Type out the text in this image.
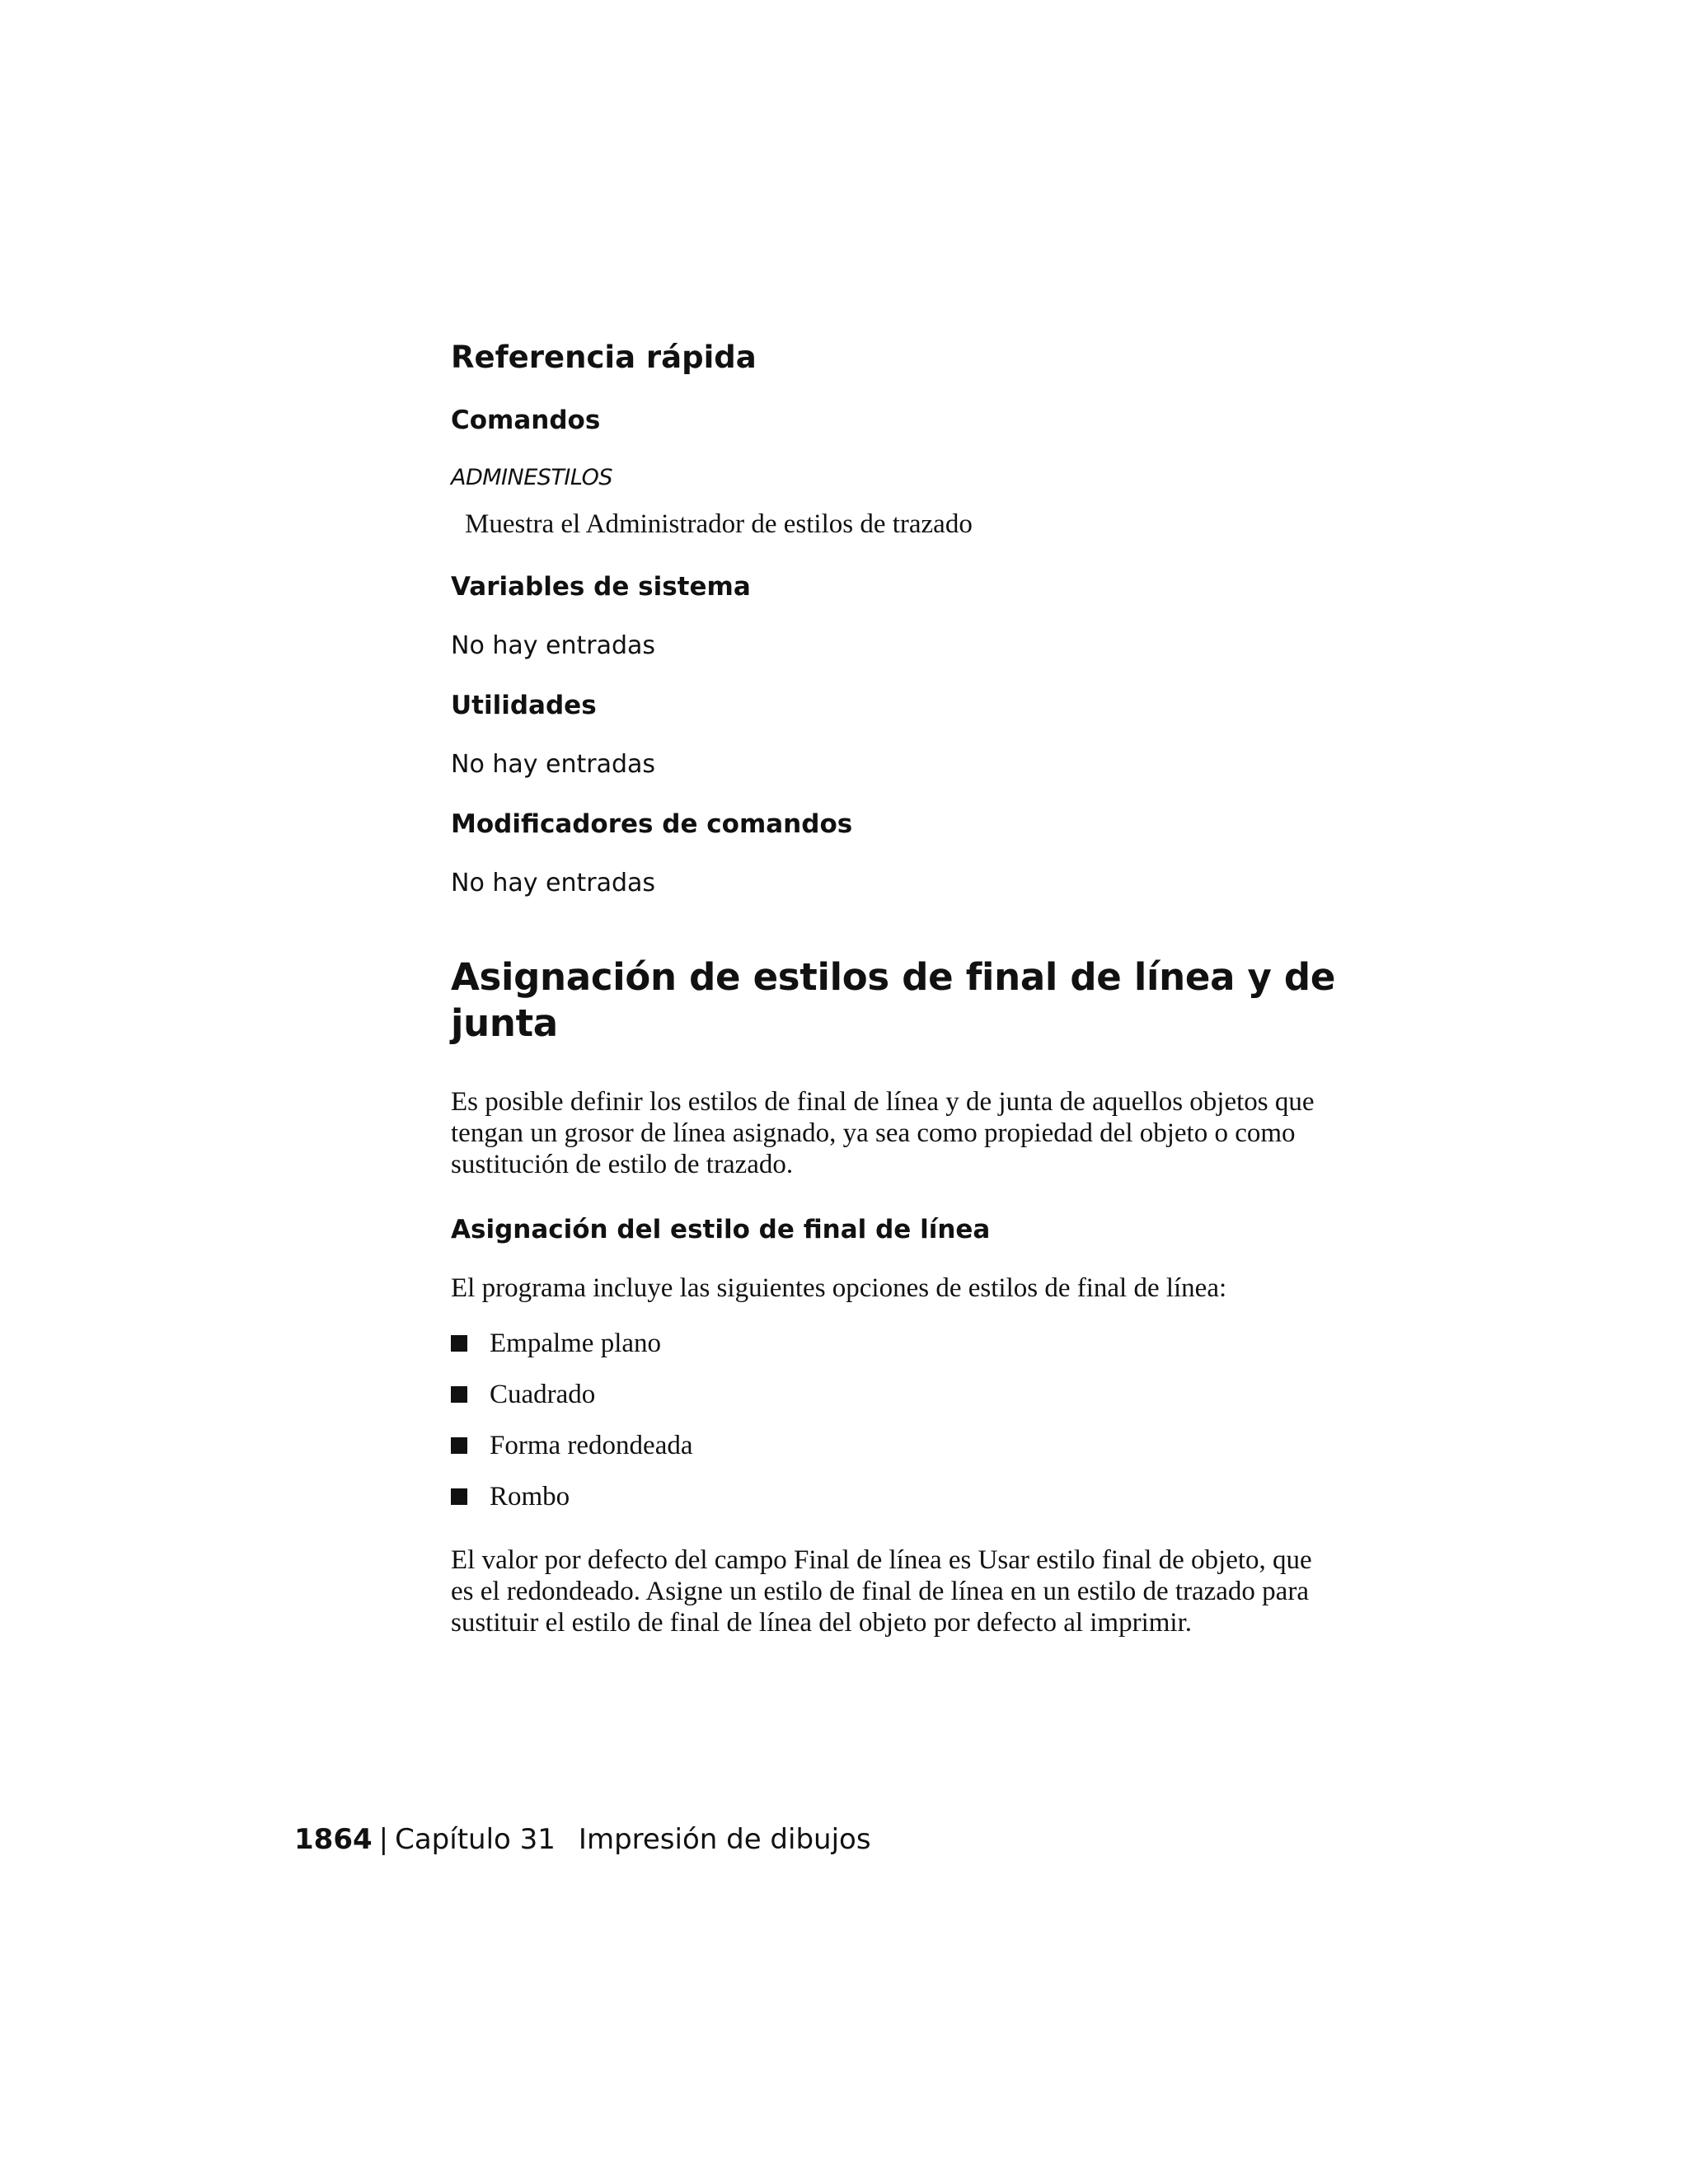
Referencia rápida
Comandos

ADMINESTILOS

Muestra el Administrador de estilos de trazado

Variables de sistema

No hay entradas

Utilidades

No hay entradas

Modificadores de comandos

No hay entradas

Asignación de estilos de final de línea y de junta

Es posible definir los estilos de final de línea y de junta de aquellos objetos que tengan un grosor de línea asignado, ya sea como propiedad del objeto o como sustitución de estilo de trazado.

Asignación del estilo de final de línea

El programa incluye las siguientes opciones de estilos de final de línea:

Empalme plano
Cuadrado
Forma redondeada
Rombo

El valor por defecto del campo Final de línea es Usar estilo final de objeto, que es el redondeado. Asigne un estilo de final de línea en un estilo de trazado para sustituir el estilo de final de línea del objeto por defecto al imprimir.

1864 | Capítulo 31 Impresión de dibujos
